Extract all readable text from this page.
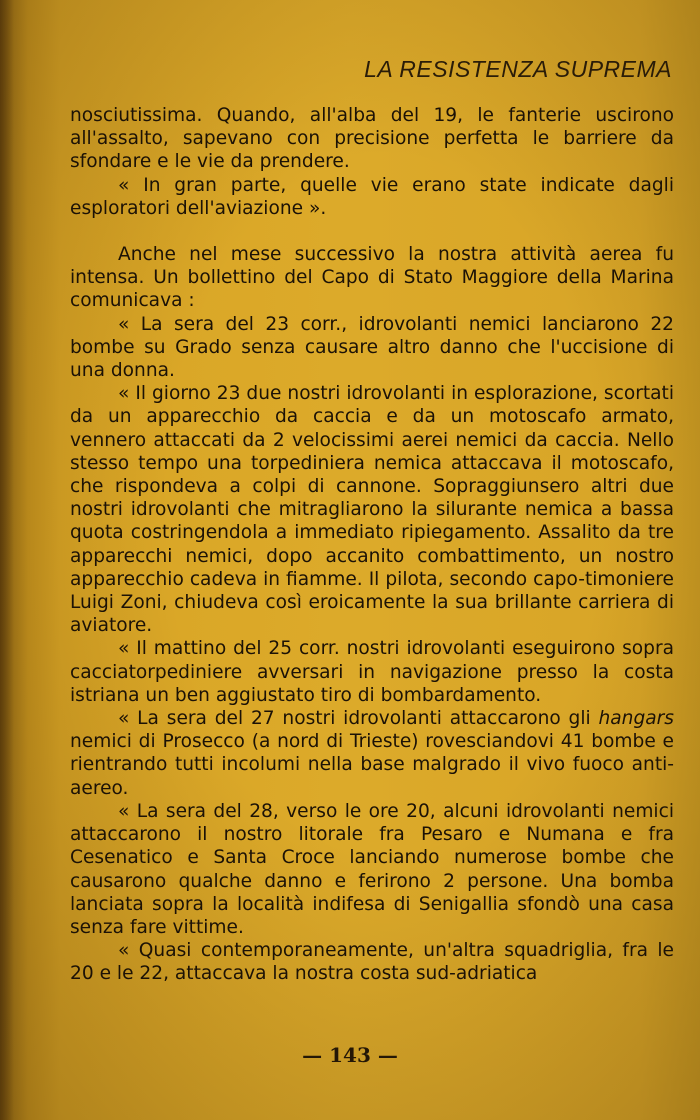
LA RESISTENZA SUPREMA

nosciutissima. Quando, all'alba del 19, le fanterie uscirono all'assalto, sapevano con precisione perfetta le barriere da sfondare e le vie da prendere.

« In gran parte, quelle vie erano state indicate dagli esploratori dell'aviazione ».

Anche nel mese successivo la nostra attività aerea fu intensa. Un bollettino del Capo di Stato Maggiore della Marina comunicava :

« La sera del 23 corr., idrovolanti nemici lanciarono 22 bombe su Grado senza causare altro danno che l'uccisione di una donna.

« Il giorno 23 due nostri idrovolanti in esplorazione, scortati da un apparecchio da caccia e da un motoscafo armato, vennero attaccati da 2 velocissimi aerei nemici da caccia. Nello stesso tempo una torpediniera nemica attaccava il motoscafo, che rispondeva a colpi di cannone. Sopraggiunsero altri due nostri idrovolanti che mitragliarono la silurante nemica a bassa quota costringendola a immediato ripiegamento. Assalito da tre apparecchi nemici, dopo accanito combattimento, un nostro apparecchio cadeva in fiamme. Il pilota, secondo capo-timoniere Luigi Zoni, chiudeva così eroicamente la sua brillante carriera di aviatore.

« Il mattino del 25 corr. nostri idrovolanti eseguirono sopra cacciatorpediniere avversari in navigazione presso la costa istriana un ben aggiustato tiro di bombardamento.

« La sera del 27 nostri idrovolanti attaccarono gli hangars nemici di Prosecco (a nord di Trieste) rovesciandovi 41 bombe e rientrando tutti incolumi nella base malgrado il vivo fuoco anti-aereo.

« La sera del 28, verso le ore 20, alcuni idrovolanti nemici attaccarono il nostro litorale fra Pesaro e Numana e fra Cesenatico e Santa Croce lanciando numerose bombe che causarono qualche danno e ferirono 2 persone. Una bomba lanciata sopra la località indifesa di Senigallia sfondò una casa senza fare vittime.

« Quasi contemporaneamente, un'altra squadriglia, fra le 20 e le 22, attaccava la nostra costa sud-adriatica

— 143 —
